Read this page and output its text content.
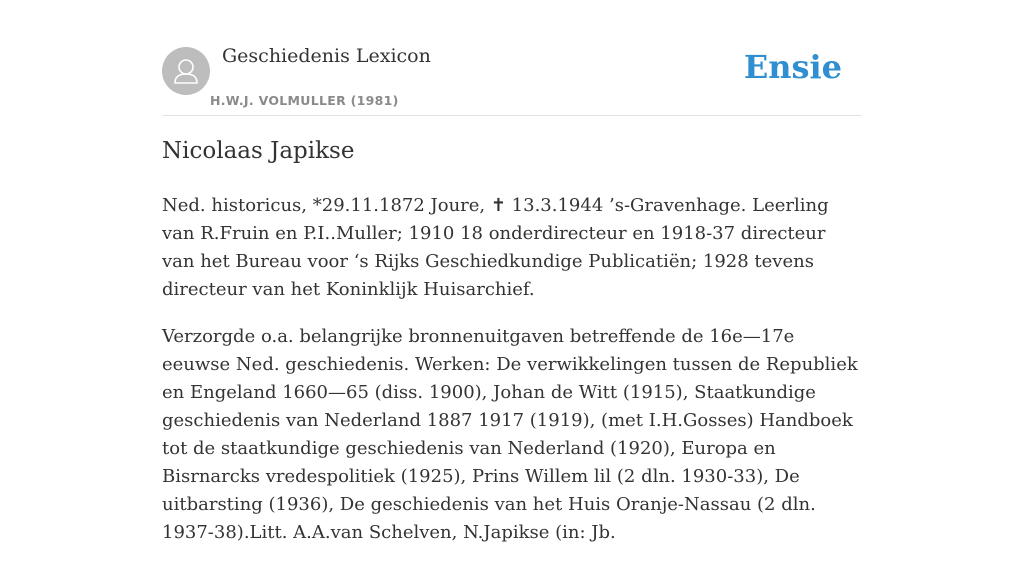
Geschiedenis Lexicon
H.W.J. VOLMULLER (1981)
Ensie
Nicolaas Japikse

Ned. historicus, *29.11.1872 Joure, ✝ 13.3.1944 ’s-Gravenhage. Leerling van R.Fruin en P.I..Muller; 1910 18 onderdirecteur en 1918-37 directeur van het Bureau voor ‘s Rijks Geschiedkundige Publicatiën; 1928 tevens directeur van het Koninklijk Huisarchief.

Verzorgde o.a. belangrijke bronnenuitgaven betreffende de 16e—17e eeuwse Ned. geschiedenis. Werken: De verwikkelingen tussen de Republiek en Engeland 1660—65 (diss. 1900), Johan de Witt (1915), Staatkundige geschiedenis van Nederland 1887 1917 (1919), (met I.H.Gosses) Handboek tot de staatkundige geschiedenis van Nederland (1920), Europa en Bisrnarcks vredespolitiek (1925), Prins Willem lil (2 dln. 1930-33), De uitbarsting (1936), De geschiedenis van het Huis Oranje-Nassau (2 dln. 1937-38).Litt. A.A.van Schelven, N.Japikse (in: Jb.
